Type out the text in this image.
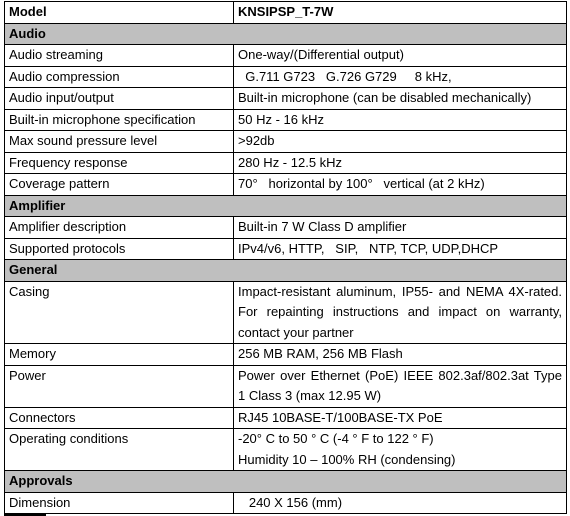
Model	KNSIPSP_T-7W
Audio	
Audio streaming	One-way/(Differential output)
Audio compression	G.711 G723   G.726 G729     8 kHz,
Audio input/output	Built-in microphone (can be disabled mechanically)
Built-in microphone specification	50 Hz - 16 kHz
Max sound pressure level	>92db
Frequency response	280 Hz - 12.5 kHz
Coverage pattern	70°   horizontal by 100°   vertical (at 2 kHz)
Amplifier	
Amplifier description	Built-in 7 W Class D amplifier
Supported protocols	IPv4/v6, HTTP,   SIP,   NTP, TCP, UDP,DHCP
General	
Casing	Impact-resistant aluminum, IP55- and NEMA 4X-rated. For repainting instructions and impact on warranty, contact your partner
Memory	256 MB RAM, 256 MB Flash
Power	Power over Ethernet (PoE) IEEE 802.3af/802.3at Type 1 Class 3 (max 12.95 W)
Connectors	RJ45 10BASE-T/100BASE-TX PoE
Operating conditions	-20° C to 50 ° C (-4 ° F to 122 ° F)
Humidity 10 – 100% RH (condensing)

Approvals	
Dimension	240 X 156 (mm)
